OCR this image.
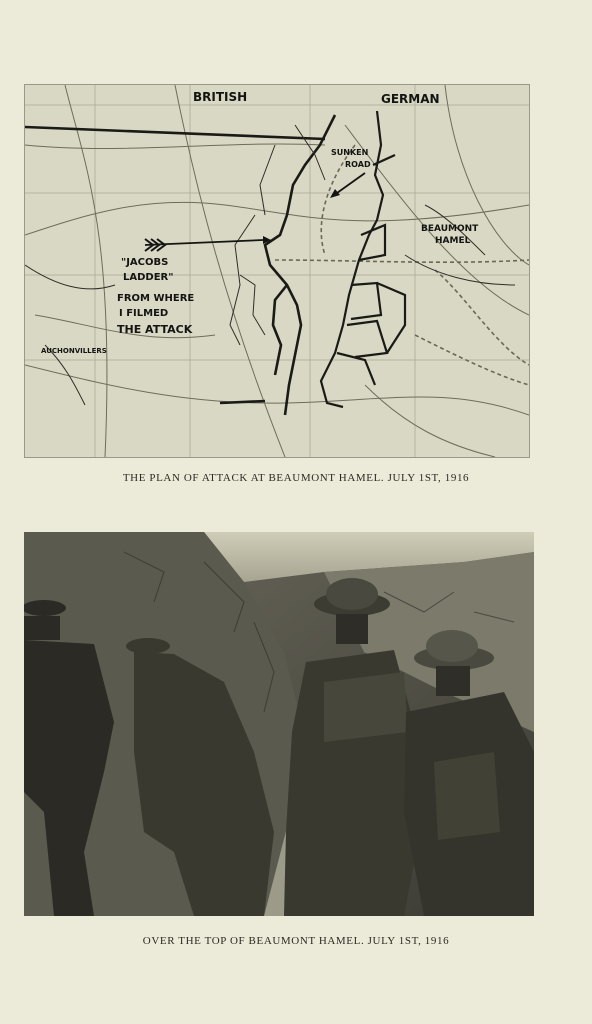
BRITISH	GERMAN
SUNKEN
ROAD
BEAUMONT
HAMEL
"JACOBS
LADDER"
FROM WHERE
I FILMED
THE ATTACK
AUCHONVILLERS
THE PLAN OF ATTACK AT BEAUMONT HAMEL. JULY 1ST, 1916
OVER THE TOP OF BEAUMONT HAMEL. JULY 1ST, 1916
